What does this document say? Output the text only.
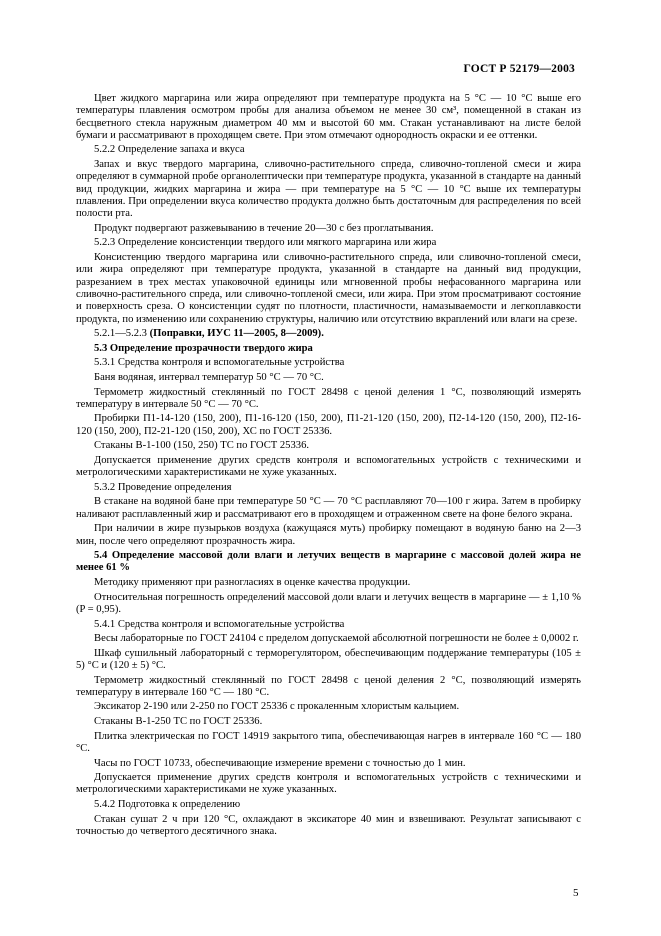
ГОСТ Р 52179—2003

Цвет жидкого маргарина или жира определяют при температуре продукта на 5 °С — 10 °С выше его температуры плавления осмотром пробы для анализа объемом не менее 30 см³, помещенной в стакан из бесцветного стекла наружным диаметром 40 мм и высотой 60 мм. Стакан устанавливают на листе белой бумаги и рассматривают в проходящем свете. При этом отмечают однородность окраски и ее оттенки.

5.2.2 Определение запаха и вкуса

Запах и вкус твердого маргарина, сливочно-растительного спреда, сливочно-топленой смеси и жира определяют в суммарной пробе органолептически при температуре продукта, указанной в стандарте на данный вид продукции, жидких маргарина и жира — при температуре на 5 °С — 10 °С выше их температуры плавления. При определении вкуса количество продукта должно быть достаточным для распределения по всей полости рта.

Продукт подвергают разжевыванию в течение 20—30 с без проглатывания.

5.2.3 Определение консистенции твердого или мягкого маргарина или жира

Консистенцию твердого маргарина или сливочно-растительного спреда, или сливочно-топленой смеси, или жира определяют при температуре продукта, указанной в стандарте на данный вид продукции, разрезанием в трех местах упаковочной единицы или мгновенной пробы нефасованного маргарина или сливочно-растительного спреда, или сливочно-топленой смеси, или жира. При этом просматривают состояние и поверхность среза. О консистенции судят по плотности, пластичности, намазываемости и легкоплавкости продукта, по изменению или сохранению структуры, наличию или отсутствию вкраплений или влаги на срезе.

5.2.1—5.2.3 (Поправки, ИУС 11—2005, 8—2009).

5.3 Определение прозрачности твердого жира

5.3.1 Средства контроля и вспомогательные устройства

Баня водяная, интервал температур 50 °С — 70 °С.

Термометр жидкостный стеклянный по ГОСТ 28498 с ценой деления 1 °С, позволяющий измерять температуру в интервале 50 °С — 70 °С.

Пробирки П1-14-120 (150, 200), П1-16-120 (150, 200), П1-21-120 (150, 200), П2-14-120 (150, 200), П2-16-120 (150, 200), П2-21-120 (150, 200), ХС по ГОСТ 25336.

Стаканы В-1-100 (150, 250) ТС по ГОСТ 25336.

Допускается применение других средств контроля и вспомогательных устройств с техническими и метрологическими характеристиками не хуже указанных.

5.3.2 Проведение определения

В стакане на водяной бане при температуре 50 °С — 70 °С расплавляют 70—100 г жира. Затем в пробирку наливают расплавленный жир и рассматривают его в проходящем и отраженном свете на фоне белого экрана.

При наличии в жире пузырьков воздуха (кажущаяся муть) пробирку помещают в водяную баню на 2—3 мин, после чего определяют прозрачность жира.

5.4 Определение массовой доли влаги и летучих веществ в маргарине с массовой долей жира не менее 61 %

Методику применяют при разногласиях в оценке качества продукции.

Относительная погрешность определений массовой доли влаги и летучих веществ в маргарине — ± 1,10 % (P = 0,95).

5.4.1 Средства контроля и вспомогательные устройства

Весы лабораторные по ГОСТ 24104 с пределом допускаемой абсолютной погрешности не более ± 0,0002 г.

Шкаф сушильный лабораторный с терморегулятором, обеспечивающим поддержание температуры (105 ± 5) °С и (120 ± 5) °С.

Термометр жидкостный стеклянный по ГОСТ 28498 с ценой деления 2 °С, позволяющий измерять температуру в интервале 160 °С — 180 °С.

Эксикатор 2-190 или 2-250 по ГОСТ 25336 с прокаленным хлористым кальцием.

Стаканы В-1-250 ТС по ГОСТ 25336.

Плитка электрическая по ГОСТ 14919 закрытого типа, обеспечивающая нагрев в интервале 160 °С — 180 °С.

Часы по ГОСТ 10733, обеспечивающие измерение времени с точностью до 1 мин.

Допускается применение других средств контроля и вспомогательных устройств с техническими и метрологическими характеристиками не хуже указанных.

5.4.2 Подготовка к определению

Стакан сушат 2 ч при 120 °С, охлаждают в эксикаторе 40 мин и взвешивают. Результат записывают с точностью до четвертого десятичного знака.

5
